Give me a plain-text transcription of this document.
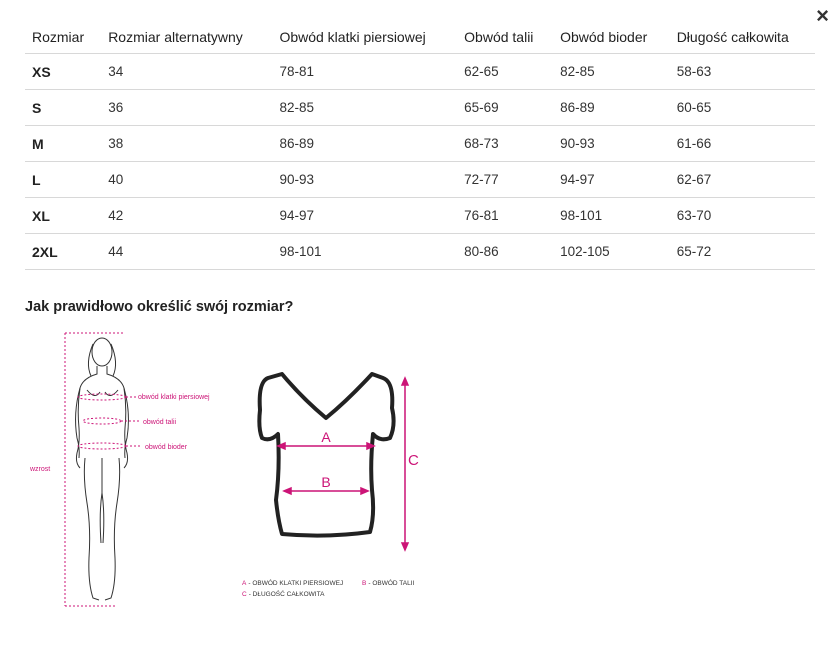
×
Rozmiar	Rozmiar alternatywny	Obwód klatki piersiowej	Obwód talii	Obwód bioder	Długość całkowita
XS	34	78-81	62-65	82-85	58-63
S	36	82-85	65-69	86-89	60-65
M	38	86-89	68-73	90-93	61-66
L	40	90-93	72-77	94-97	62-67
XL	42	94-97	76-81	98-101	63-70
2XL	44	98-101	80-86	102-105	65-72
Jak prawidłowo określić swój rozmiar?
obwód klatki piersiowej
obwód talii
obwód bioder
wzrost
A
B
C
A - OBWÓD KLATKI PIERSIOWEJ	B - OBWÓD TALII
C - DŁUGOŚĆ CAŁKOWITA
